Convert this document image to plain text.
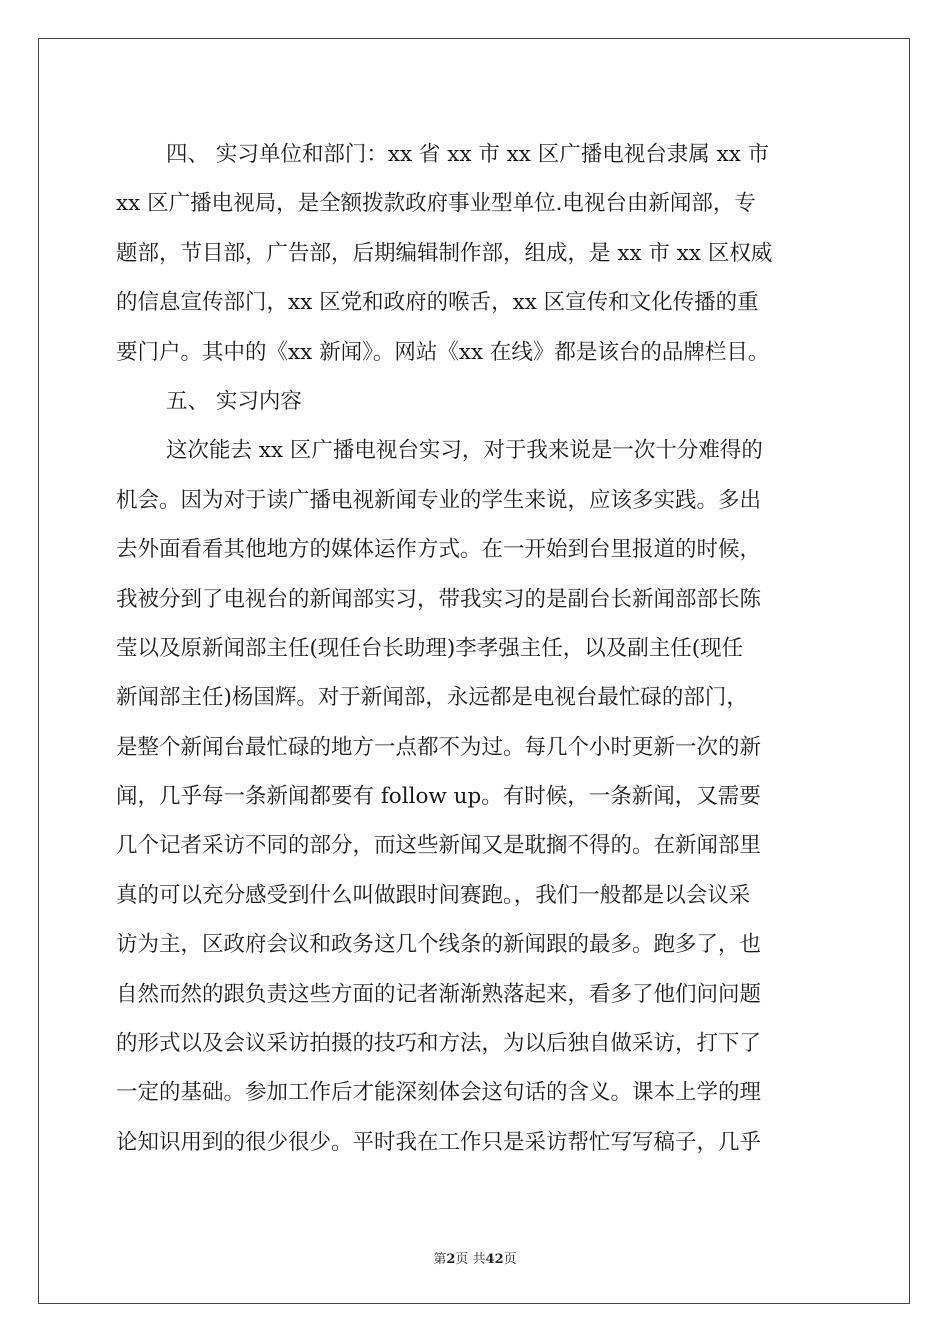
四、 实习单位和部门：xx 省 xx 市 xx 区广播电视台隶属 xx 市
xx 区广播电视局，是全额拨款政府事业型单位.电视台由新闻部，专
题部，节目部，广告部，后期编辑制作部，组成，是 xx 市 xx 区权威
的信息宣传部门，xx 区党和政府的喉舌，xx 区宣传和文化传播的重
要门户。其中的《xx 新闻》。网站《xx 在线》都是该台的品牌栏目。
五、 实习内容
这次能去 xx 区广播电视台实习，对于我来说是一次十分难得的
机会。因为对于读广播电视新闻专业的学生来说，应该多实践。多出
去外面看看其他地方的媒体运作方式。在一开始到台里报道的时候，
我被分到了电视台的新闻部实习，带我实习的是副台长新闻部部长陈
莹以及原新闻部主任(现任台长助理)李孝强主任，以及副主任(现任
新闻部主任)杨国辉。对于新闻部，永远都是电视台最忙碌的部门，
是整个新闻台最忙碌的地方一点都不为过。每几个小时更新一次的新
闻，几乎每一条新闻都要有 follow up。有时候，一条新闻，又需要
几个记者采访不同的部分，而这些新闻又是耽搁不得的。在新闻部里
真的可以充分感受到什么叫做跟时间赛跑。，我们一般都是以会议采
访为主，区政府会议和政务这几个线条的新闻跟的最多。跑多了，也
自然而然的跟负责这些方面的记者渐渐熟落起来，看多了他们问问题
的形式以及会议采访拍摄的技巧和方法，为以后独自做采访，打下了
一定的基础。参加工作后才能深刻体会这句话的含义。课本上学的理
论知识用到的很少很少。平时我在工作只是采访帮忙写写稿子，几乎
第2页 共42页
